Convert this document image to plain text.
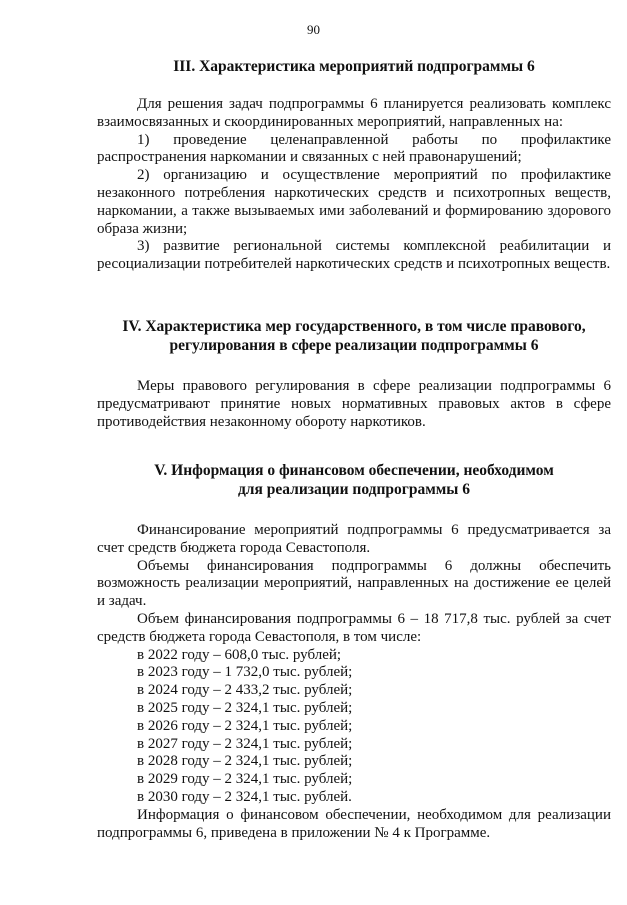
90
III. Характеристика мероприятий подпрограммы 6

Для решения задач подпрограммы 6 планируется реализовать комплекс взаимосвязанных и скоординированных мероприятий, направленных на:

1) проведение целенаправленной работы по профилактике распространения наркомании и связанных с ней правонарушений;

2) организацию и осуществление мероприятий по профилактике незаконного потребления наркотических средств и психотропных веществ, наркомании, а также вызываемых ими заболеваний и формированию здорового образа жизни;

3) развитие региональной системы комплексной реабилитации и ресоциализации потребителей наркотических средств и психотропных веществ.

IV. Характеристика мер государственного, в том числе правового,
регулирования в сфере реализации подпрограммы 6

Меры правового регулирования в сфере реализации подпрограммы 6 предусматривают принятие новых нормативных правовых актов в сфере противодействия незаконному обороту наркотиков.

V. Информация о финансовом обеспечении, необходимом
для реализации подпрограммы 6

Финансирование мероприятий подпрограммы 6 предусматривается за счет средств бюджета города Севастополя.

Объемы финансирования подпрограммы 6 должны обеспечить возможность реализации мероприятий, направленных на достижение ее целей и задач.

Объем финансирования подпрограммы 6 – 18 717,8 тыс. рублей за счет средств бюджета города Севастополя, в том числе:

в 2022 году – 608,0 тыс. рублей;
в 2023 году – 1 732,0 тыс. рублей;
в 2024 году – 2 433,2 тыс. рублей;
в 2025 году – 2 324,1 тыс. рублей;
в 2026 году – 2 324,1 тыс. рублей;
в 2027 году – 2 324,1 тыс. рублей;
в 2028 году – 2 324,1 тыс. рублей;
в 2029 году – 2 324,1 тыс. рублей;
в 2030 году – 2 324,1 тыс. рублей.

Информация о финансовом обеспечении, необходимом для реализации подпрограммы 6, приведена в приложении № 4 к Программе.
